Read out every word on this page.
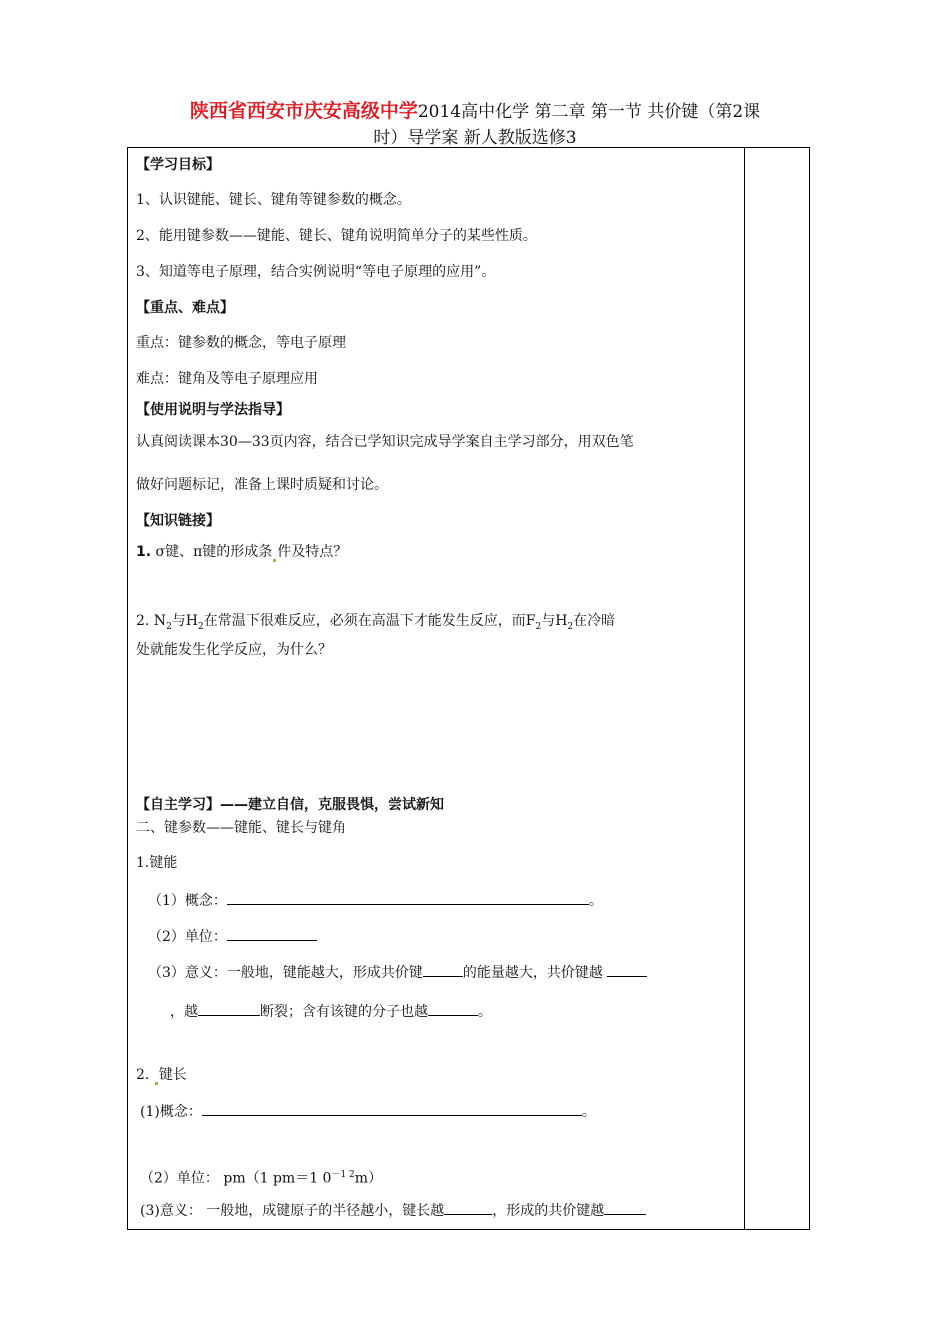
陕西省西安市庆安高级中学2014高中化学 第二章 第一节 共价键（第2课
时）导学案 新人教版选修3
【学习目标】
1、认识键能、键长、键角等键参数的概念。
2、能用键参数——键能、键长、键角说明简单分子的某些性质。
3、知道等电子原理，结合实例说明“等电子原理的应用”。
【重点、难点】
重点：键参数的概念，等电子原理
难点：键角及等电子原理应用
【使用说明与学法指导】
认真阅读课本30—33页内容，结合已学知识完成导学案自主学习部分，用双色笔
做好问题标记，准备上课时质疑和讨论。
【知识链接】
1. σ键、π键的形成条 件及特点？
2. $N_2$与$H_2$在常温下很难反应，必须在高温下才能发生反应，而$F_2$与$H_2$在冷暗
处就能发生化学反应，为什么？
【自主学习】——建立自信，克服畏惧，尝试新知
二、键参数——键能、键长与键角
1.键能
（1）概念：	。
（2）单位：
（3）意义：一般地，键能越大，形成共价键	的能量越大，共价键越
，越	断裂；含有该键的分子也越	。
2. 键长
(1)概念：	。
（2）单位： pm（1 pm＝1 $0^{-1 2}m$）
(3)意义： 一般地，成键原子的半径越小，键长越	，形成的共价键越
